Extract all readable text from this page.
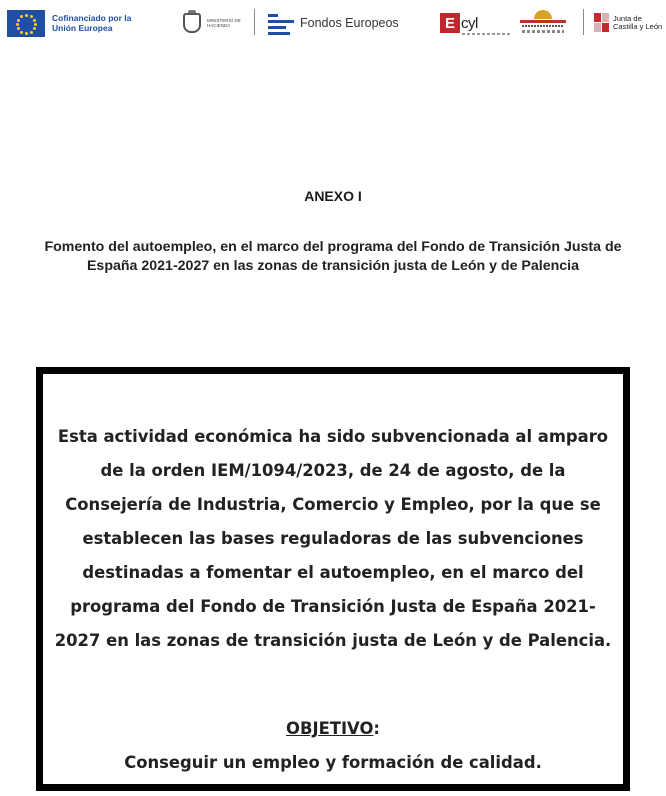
Cofinanciado por la Unión Europea
MINISTERIO DE HACIENDA	Fondos Europeos	E cyl	Junta de Castilla y León
ANEXO I
Fomento del autoempleo, en el marco del programa del Fondo de Transición Justa de España 2021-2027 en las zonas de transición justa de León y de Palencia
Esta actividad económica ha sido subvencionada al amparo de la orden IEM/1094/2023, de 24 de agosto, de la Consejería de Industria, Comercio y Empleo, por la que se establecen las bases reguladoras de las subvenciones destinadas a fomentar el autoempleo, en el marco del programa del Fondo de Transición Justa de España 2021-2027 en las zonas de transición justa de León y de Palencia.
OBJETIVO:
Conseguir un empleo y formación de calidad.
